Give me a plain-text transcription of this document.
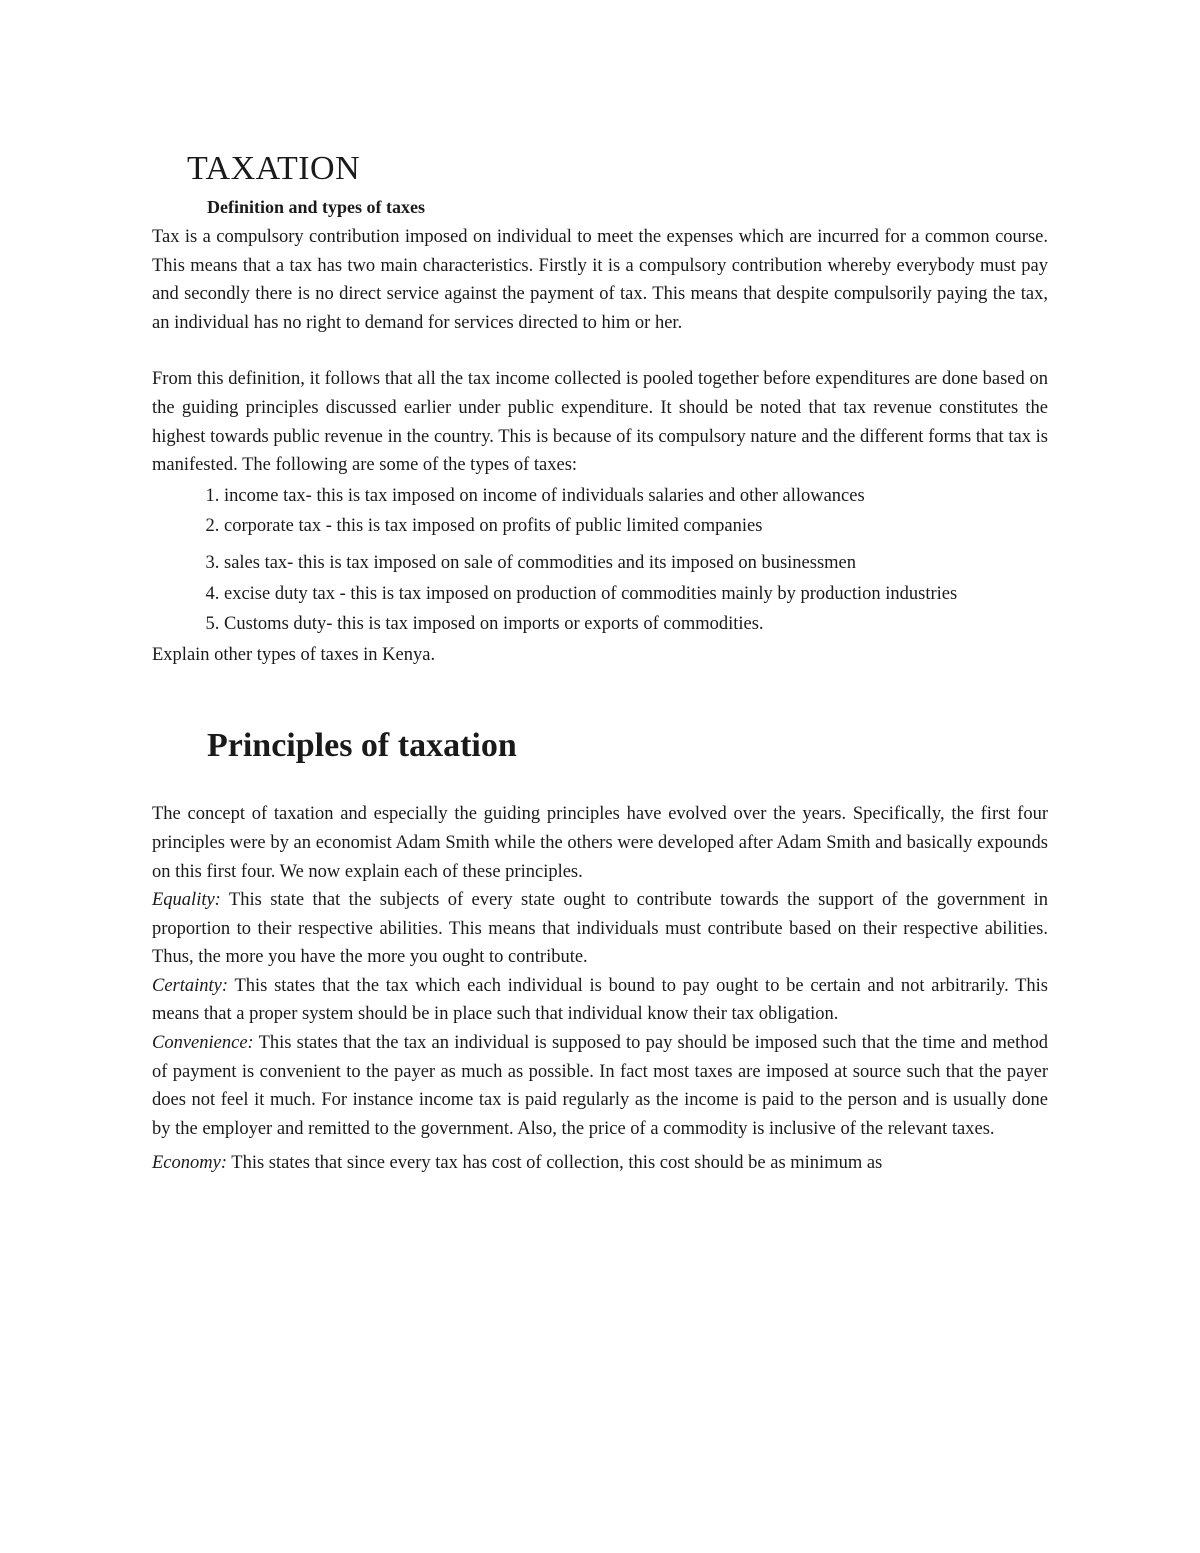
TAXATION
Definition and types of taxes

Tax is a compulsory contribution imposed on individual to meet the expenses which are incurred for a common course. This means that a tax has two main characteristics. Firstly it is a compulsory contribution whereby everybody must pay and secondly there is no direct service against the payment of tax. This means that despite compulsorily paying the tax, an individual has no right to demand for services directed to him or her.

From this definition, it follows that all the tax income collected is pooled together before expenditures are done based on the guiding principles discussed earlier under public expenditure. It should be noted that tax revenue constitutes the highest towards public revenue in the country. This is because of its compulsory nature and the different forms that tax is manifested. The following are some of the types of taxes:

1. income tax- this is tax imposed on income of individuals salaries and other allowances
2. corporate tax - this is tax imposed on profits of public limited companies
3. sales tax- this is tax imposed on sale of commodities and its imposed on businessmen
4. excise duty tax - this is tax imposed on production of commodities mainly by production industries
5. Customs duty- this is tax imposed on imports or exports of commodities.

Explain other types of taxes in Kenya.

Principles of taxation

The concept of taxation and especially the guiding principles have evolved over the years. Specifically, the first four principles were by an economist Adam Smith while the others were developed after Adam Smith and basically expounds on this first four. We now explain each of these principles.

Equality: This state that the subjects of every state ought to contribute towards the support of the government in proportion to their respective abilities. This means that individuals must contribute based on their respective abilities. Thus, the more you have the more you ought to contribute.

Certainty: This states that the tax which each individual is bound to pay ought to be certain and not arbitrarily. This means that a proper system should be in place such that individual know their tax obligation.

Convenience: This states that the tax an individual is supposed to pay should be imposed such that the time and method of payment is convenient to the payer as much as possible. In fact most taxes are imposed at source such that the payer does not feel it much. For instance income tax is paid regularly as the income is paid to the person and is usually done by the employer and remitted to the government. Also, the price of a commodity is inclusive of the relevant taxes.

Economy: This states that since every tax has cost of collection, this cost should be as minimum as
